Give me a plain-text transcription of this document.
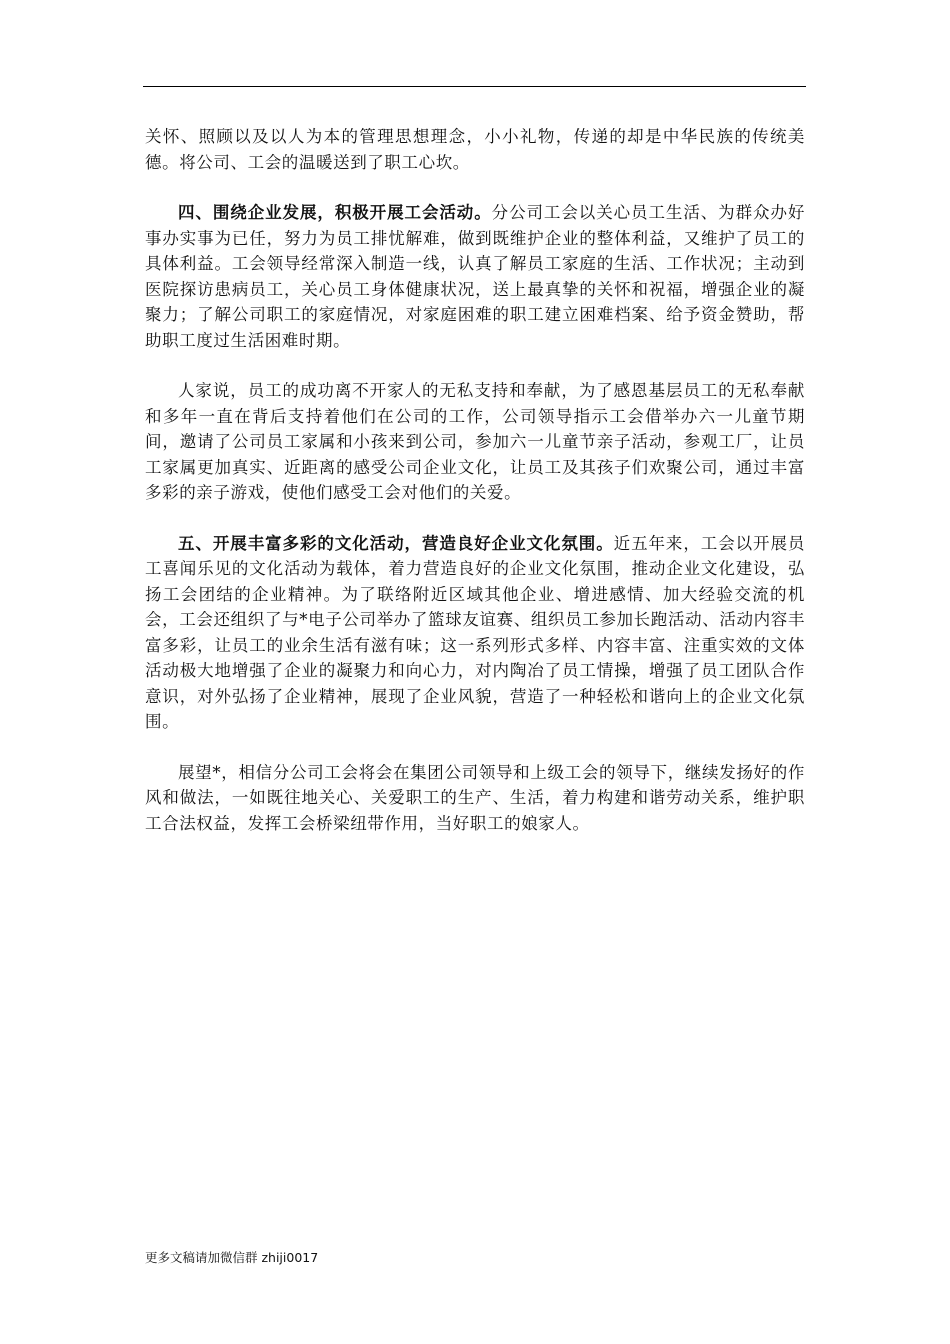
关怀、照顾以及以人为本的管理思想理念，小小礼物，传递的却是中华民族的传统美德。将公司、工会的温暖送到了职工心坎。

四、围绕企业发展，积极开展工会活动。分公司工会以关心员工生活、为群众办好事办实事为已任，努力为员工排忧解难，做到既维护企业的整体利益，又维护了员工的具体利益。工会领导经常深入制造一线，认真了解员工家庭的生活、工作状况；主动到医院探访患病员工，关心员工身体健康状况，送上最真挚的关怀和祝福，增强企业的凝聚力；了解公司职工的家庭情况，对家庭困难的职工建立困难档案、给予资金赞助，帮助职工度过生活困难时期。

人家说，员工的成功离不开家人的无私支持和奉献，为了感恩基层员工的无私奉献和多年一直在背后支持着他们在公司的工作，公司领导指示工会借举办六一儿童节期间，邀请了公司员工家属和小孩来到公司，参加六一儿童节亲子活动，参观工厂，让员工家属更加真实、近距离的感受公司企业文化，让员工及其孩子们欢聚公司，通过丰富多彩的亲子游戏，使他们感受工会对他们的关爱。

五、开展丰富多彩的文化活动，营造良好企业文化氛围。近五年来，工会以开展员工喜闻乐见的文化活动为载体，着力营造良好的企业文化氛围，推动企业文化建设，弘扬工会团结的企业精神。为了联络附近区域其他企业、增进感情、加大经验交流的机会，工会还组织了与*电子公司举办了篮球友谊赛、组织员工参加长跑活动、活动内容丰富多彩，让员工的业余生活有滋有味；这一系列形式多样、内容丰富、注重实效的文体活动极大地增强了企业的凝聚力和向心力，对内陶冶了员工情操，增强了员工团队合作意识，对外弘扬了企业精神，展现了企业风貌，营造了一种轻松和谐向上的企业文化氛围。

展望*，相信分公司工会将会在集团公司领导和上级工会的领导下，继续发扬好的作风和做法，一如既往地关心、关爱职工的生产、生活，着力构建和谐劳动关系，维护职工合法权益，发挥工会桥梁纽带作用，当好职工的娘家人。

更多文稿请加微信群 zhiji0017
